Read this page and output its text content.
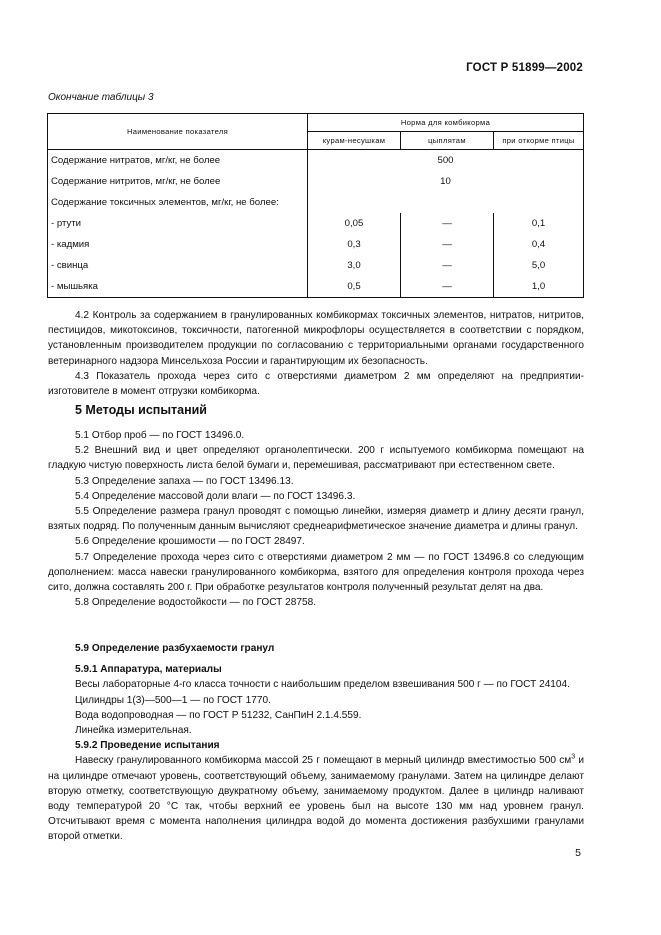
ГОСТ Р 51899—2002
Окончание таблицы 3
Наименование показателя	Норма для комбикорма		
	курам-несушкам	цыплятам	при откорме птицы
Содержание нитратов, мг/кг, не более	500		
Содержание нитритов, мг/кг, не более	10		
Содержание токсичных элементов, мг/кг, не более:			
- ртути	0,05	—	0,1
- кадмия	0,3	—	0,4
- свинца	3,0	—	5,0
- мышьяка	0,5	—	1,0

4.2 Контроль за содержанием в гранулированных комбикормах токсичных элементов, нитратов, нитритов, пестицидов, микотоксинов, токсичности, патогенной микрофлоры осуществляется в соответствии с порядком, установленным производителем продукции по согласованию с территориальными органами государственного ветеринарного надзора Минсельхоза России и гарантирующим их безопасность.

4.3 Показатель прохода через сито с отверстиями диаметром 2 мм определяют на предприятии-изготовителе в момент отгрузки комбикорма.

5 Методы испытаний

5.1 Отбор проб — по ГОСТ 13496.0.

5.2 Внешний вид и цвет определяют органолептически. 200 г испытуемого комбикорма помещают на гладкую чистую поверхность листа белой бумаги и, перемешивая, рассматривают при естественном свете.

5.3 Определение запаха — по ГОСТ 13496.13.

5.4 Определение массовой доли влаги — по ГОСТ 13496.3.

5.5 Определение размера гранул проводят с помощью линейки, измеряя диаметр и длину десяти гранул, взятых подряд. По полученным данным вычисляют среднеарифметическое значение диаметра и длины гранул.

5.6 Определение крошимости — по ГОСТ 28497.

5.7 Определение прохода через сито с отверстиями диаметром 2 мм — по ГОСТ 13496.8 со следующим дополнением: масса навески гранулированного комбикорма, взятого для определения контроля прохода через сито, должна составлять 200 г. При обработке результатов контроля полученный результат делят на два.

5.8 Определение водостойкости — по ГОСТ 28758.

5.9 Определение разбухаемости гранул

5.9.1 Аппаратура, материалы

Весы лабораторные 4-го класса точности с наибольшим пределом взвешивания 500 г — по ГОСТ 24104.

Цилиндры 1(3)—500—1 — по ГОСТ 1770.

Вода водопроводная — по ГОСТ Р 51232, СанПиН 2.1.4.559.

Линейка измерительная.

5.9.2 Проведение испытания

Навеску гранулированного комбикорма массой 25 г помещают в мерный цилиндр вместимостью 500 $см^3$ и на цилиндре отмечают уровень, соответствующий объему, занимаемому гранулами. Затем на цилиндре делают вторую отметку, соответствующую двукратному объему, занимаемому продуктом. Далее в цилиндр наливают воду температурой 20 °С так, чтобы верхний ее уровень был на высоте 130 мм над уровнем гранул. Отсчитывают время с момента наполнения цилиндра водой до момента достижения разбухшими гранулами второй отметки.

5
